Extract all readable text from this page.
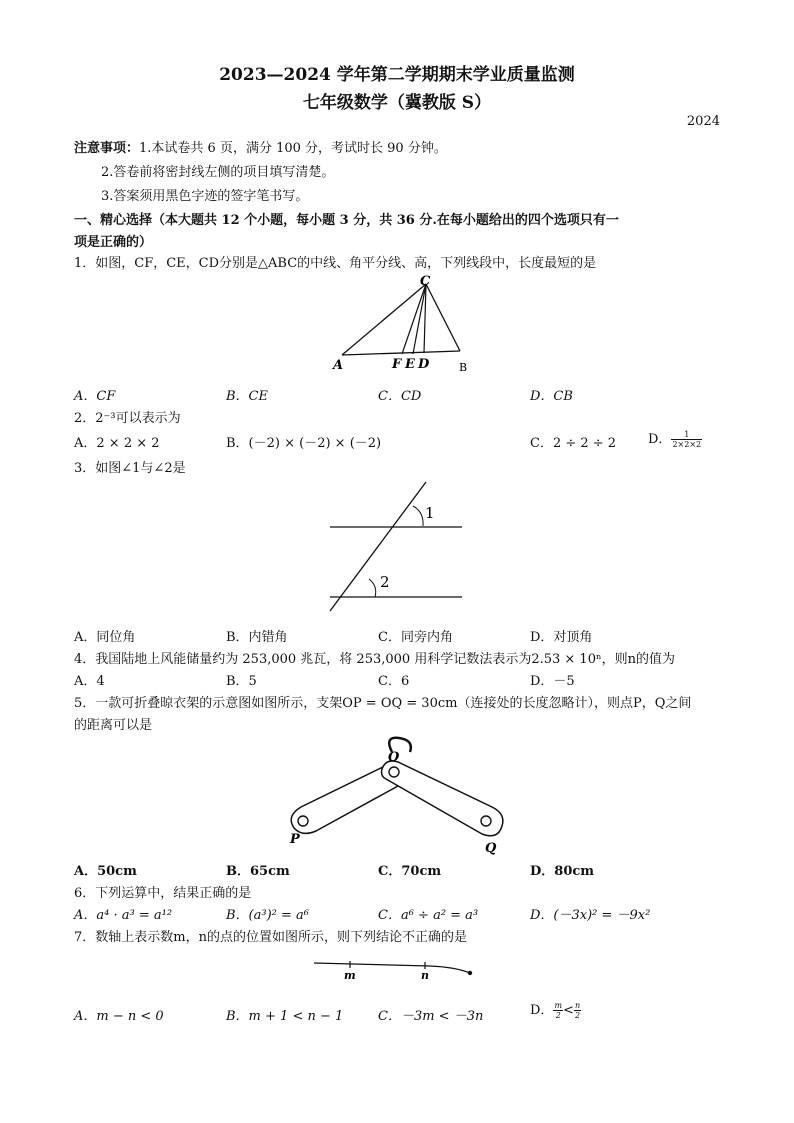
2023—2024 学年第二学期期末学业质量监测
七年级数学（冀教版 S）
2024
注意事项：1.本试卷共 6 页，满分 100 分，考试时长 90 分钟。
2.答卷前将密封线左侧的项目填写清楚。
3.答案须用黑色字迹的签字笔书写。
一、精心选择（本大题共 12 个小题，每小题 3 分，共 36 分.在每小题给出的四个选项只有一
项是正确的）
1．如图，CF，CE，CD分别是△ABC的中线、角平分线、高，下列线段中，长度最短的是
C
A	F E D	B
A．CF	B．CE	C．CD	D．CB
2．2⁻³可以表示为
A．2 × 2 × 2	B．(－2) × (－2) × (－2)	C．2 ÷ 2 ÷ 2 D． $\frac{1}{2\times 2\times 2}$
3．如图∠1与∠2是
1
2
A．同位角	B．内错角	C．同旁内角	D．对顶角
4．我国陆地上风能储量约为 253,000 兆瓦，将 253,000 用科学记数法表示为2.53 × 10ⁿ，则n的值为
A．4	B．5	C．6	D．－5
5．一款可折叠晾衣架的示意图如图所示，支架OP = OQ = 30cm（连接处的长度忽略计），则点P，Q之间
的距离可以是
O
P
Q
A．50cm	B．65cm	C．70cm	D．80cm
6．下列运算中，结果正确的是
A．a⁴ · a³ = a¹²	B．(a³)² = a⁶	C．a⁶ ÷ a² = a³	D．(－3x)² = －9x²
7．数轴上表示数m，n的点的位置如图所示，则下列结论不正确的是
m	n
A．m − n < 0	B．m + 1 < n − 1	C．－3m < －3n	D． $\frac{m}{2} < \frac{n}{2}$
